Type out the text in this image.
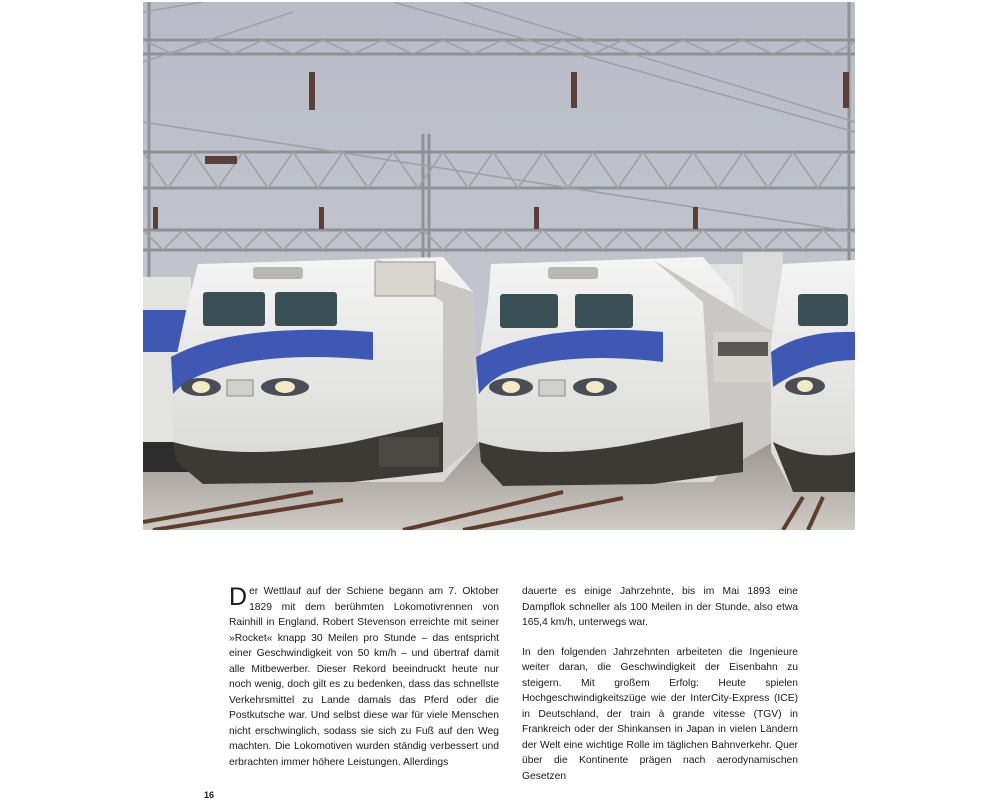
Der Wettlauf auf der Schiene begann am 7. Oktober 1829 mit dem berühmten Lokomotivrennen von Rainhill in England. Robert Stevenson erreichte mit seiner »Rocket« knapp 30 Meilen pro Stunde – das entspricht einer Geschwindigkeit von 50 km/h – und übertraf damit alle Mitbewerber. Dieser Rekord beeindruckt heute nur noch wenig, doch gilt es zu bedenken, dass das schnellste Verkehrsmittel zu Lande damals das Pferd oder die Postkutsche war. Und selbst diese war für viele Menschen nicht erschwinglich, sodass sie sich zu Fuß auf den Weg machten. Die Lokomotiven wurden ständig verbessert und erbrachten immer höhere Leistungen. Allerdings

dauerte es einige Jahrzehnte, bis im Mai 1893 eine Dampflok schneller als 100 Meilen in der Stunde, also etwa 165,4 km/h, unterwegs war.

In den folgenden Jahrzehnten arbeiteten die Ingenieure weiter daran, die Geschwindigkeit der Eisenbahn zu steigern. Mit großem Erfolg: Heute spielen Hochgeschwindigkeitszüge wie der InterCity-Express (ICE) in Deutschland, der train à grande vitesse (TGV) in Frankreich oder der Shinkansen in Japan in vielen Ländern der Welt eine wichtige Rolle im täglichen Bahnverkehr. Quer über die Kontinente prägen nach aerodynamischen Gesetzen

16
